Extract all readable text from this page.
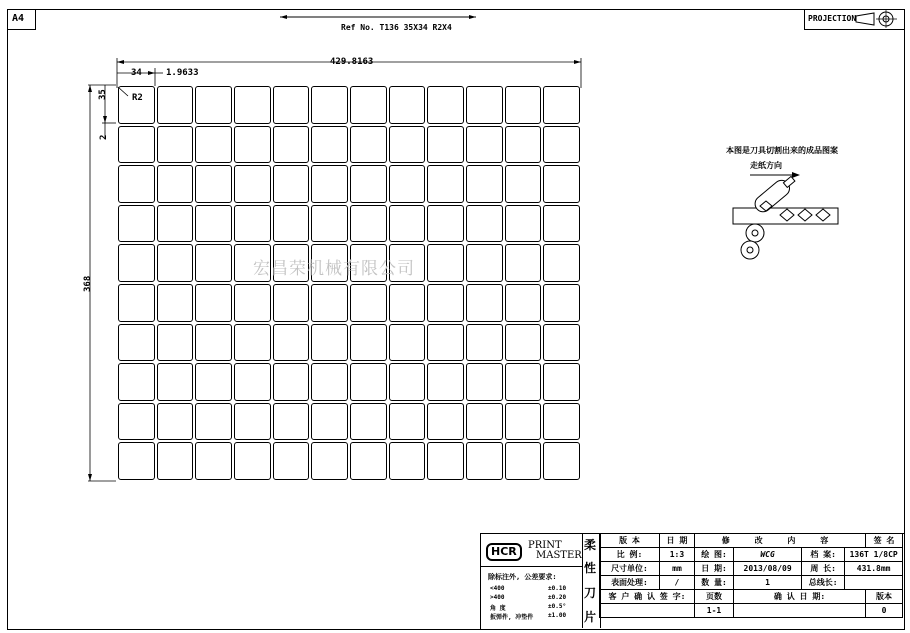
A4	PROJECTION
Ref No. T136 35X34 R2X4
429.8163
34	1.9633
R2
35
2
368
宏昌荣机械有限公司
本图是刀具切割出来的成品图案
走纸方向
HCR	PRINT
MASTER
除标注外, 公差要求:
<400	±0.10
>400	±0.20
角 度	±0.5°
扳弹件, 冲垫件 ±1.00
柔
性
刀
片
版 本	日 期	修 改 内 容				签 名
比 例:	1:3	绘 图:	WCG	档 案:	136T 1/8CP	
尺寸单位:	mm	日 期:	2013/08/09	周 长:	431.8mm	
表面处理:	/	数 量:	1	总线长:		
客 户 确 认 签 字:		页数	确 认 日 期:			版本
		1-1				0
